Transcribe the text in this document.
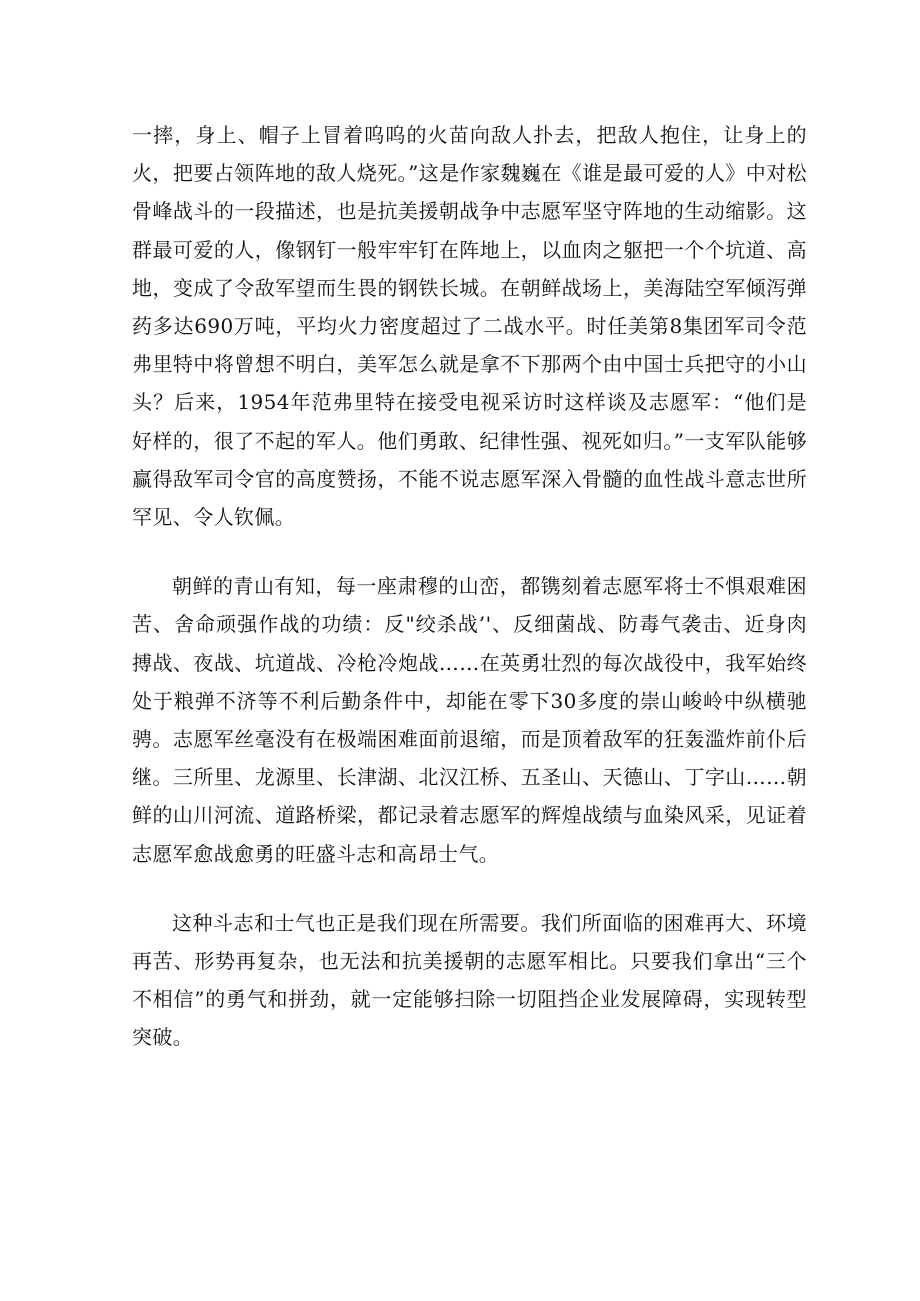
一摔，身上、帽子上冒着呜呜的火苗向敌人扑去，把敌人抱住，让身上的火，把要占领阵地的敌人烧死。”这是作家魏巍在《谁是最可爱的人》中对松骨峰战斗的一段描述，也是抗美援朝战争中志愿军坚守阵地的生动缩影。这群最可爱的人，像钢钉一般牢牢钉在阵地上，以血肉之躯把一个个坑道、高地，变成了令敌军望而生畏的钢铁长城。在朝鲜战场上，美海陆空军倾泻弹药多达690万吨，平均火力密度超过了二战水平。时任美第8集团军司令范弗里特中将曾想不明白，美军怎么就是拿不下那两个由中国士兵把守的小山头？后来，1954年范弗里特在接受电视采访时这样谈及志愿军：“他们是好样的，很了不起的军人。他们勇敢、纪律性强、视死如归。”一支军队能够赢得敌军司令官的高度赞扬，不能不说志愿军深入骨髓的血性战斗意志世所罕见、令人钦佩。

朝鲜的青山有知，每一座肃穆的山峦，都镌刻着志愿军将士不惧艰难困苦、舍命顽强作战的功绩：反"绞杀战’'、反细菌战、防毒气袭击、近身肉搏战、夜战、坑道战、冷枪冷炮战……在英勇壮烈的每次战役中，我军始终处于粮弹不济等不利后勤条件中，却能在零下30多度的崇山峻岭中纵横驰骋。志愿军丝毫没有在极端困难面前退缩，而是顶着敌军的狂轰滥炸前仆后继。三所里、龙源里、长津湖、北汉江桥、五圣山、天德山、丁字山……朝鲜的山川河流、道路桥梁，都记录着志愿军的辉煌战绩与血染风采，见证着志愿军愈战愈勇的旺盛斗志和高昂士气。

这种斗志和士气也正是我们现在所需要。我们所面临的困难再大、环境再苦、形势再复杂，也无法和抗美援朝的志愿军相比。只要我们拿出“三个不相信”的勇气和拼劲，就一定能够扫除一切阻挡企业发展障碍，实现转型突破。
